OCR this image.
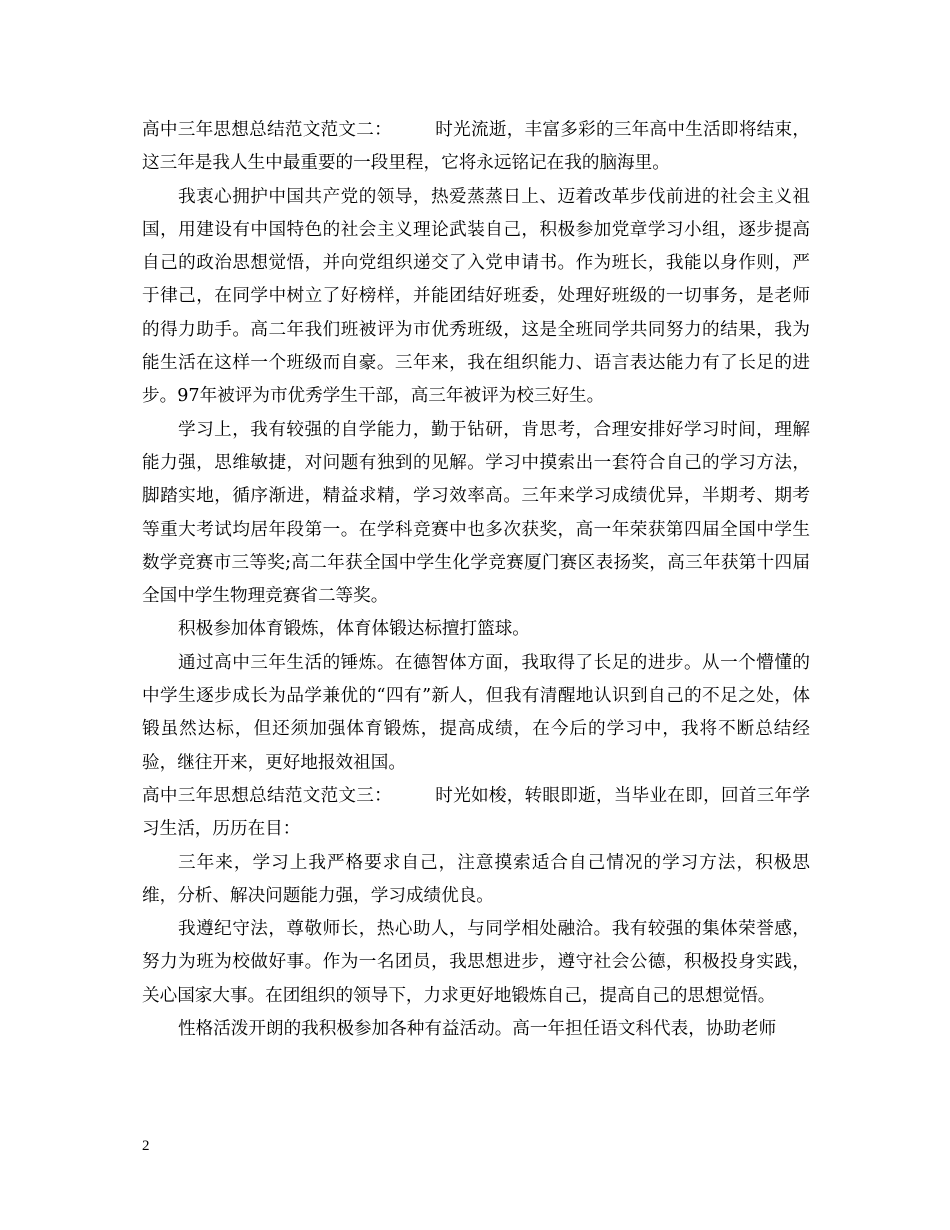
高中三年思想总结范文范文二： 时光流逝，丰富多彩的三年高中生活即将结束，这三年是我人生中最重要的一段里程，它将永远铭记在我的脑海里。

我衷心拥护中国共产党的领导，热爱蒸蒸日上、迈着改革步伐前进的社会主义祖国，用建设有中国特色的社会主义理论武装自己，积极参加党章学习小组，逐步提高自己的政治思想觉悟，并向党组织递交了入党申请书。作为班长，我能以身作则，严于律己，在同学中树立了好榜样，并能团结好班委，处理好班级的一切事务，是老师的得力助手。高二年我们班被评为市优秀班级，这是全班同学共同努力的结果，我为能生活在这样一个班级而自豪。三年来，我在组织能力、语言表达能力有了长足的进步。97年被评为市优秀学生干部，高三年被评为校三好生。

学习上，我有较强的自学能力，勤于钻研，肯思考，合理安排好学习时间，理解能力强，思维敏捷，对问题有独到的见解。学习中摸索出一套符合自己的学习方法，脚踏实地，循序渐进，精益求精，学习效率高。三年来学习成绩优异，半期考、期考等重大考试均居年段第一。在学科竞赛中也多次获奖，高一年荣获第四届全国中学生数学竞赛市三等奖;高二年获全国中学生化学竞赛厦门赛区表扬奖，高三年获第十四届全国中学生物理竞赛省二等奖。

积极参加体育锻炼，体育体锻达标擅打篮球。

通过高中三年生活的锤炼。在德智体方面，我取得了长足的进步。从一个懵懂的中学生逐步成长为品学兼优的“四有”新人，但我有清醒地认识到自己的不足之处，体锻虽然达标，但还须加强体育锻炼，提高成绩，在今后的学习中，我将不断总结经验，继往开来，更好地报效祖国。

高中三年思想总结范文范文三： 时光如梭，转眼即逝，当毕业在即，回首三年学习生活，历历在目：

三年来，学习上我严格要求自己，注意摸索适合自己情况的学习方法，积极思维，分析、解决问题能力强，学习成绩优良。

我遵纪守法，尊敬师长，热心助人，与同学相处融洽。我有较强的集体荣誉感，努力为班为校做好事。作为一名团员，我思想进步，遵守社会公德，积极投身实践，关心国家大事。在团组织的领导下，力求更好地锻炼自己，提高自己的思想觉悟。

性格活泼开朗的我积极参加各种有益活动。高一年担任语文科代表，协助老师

2
